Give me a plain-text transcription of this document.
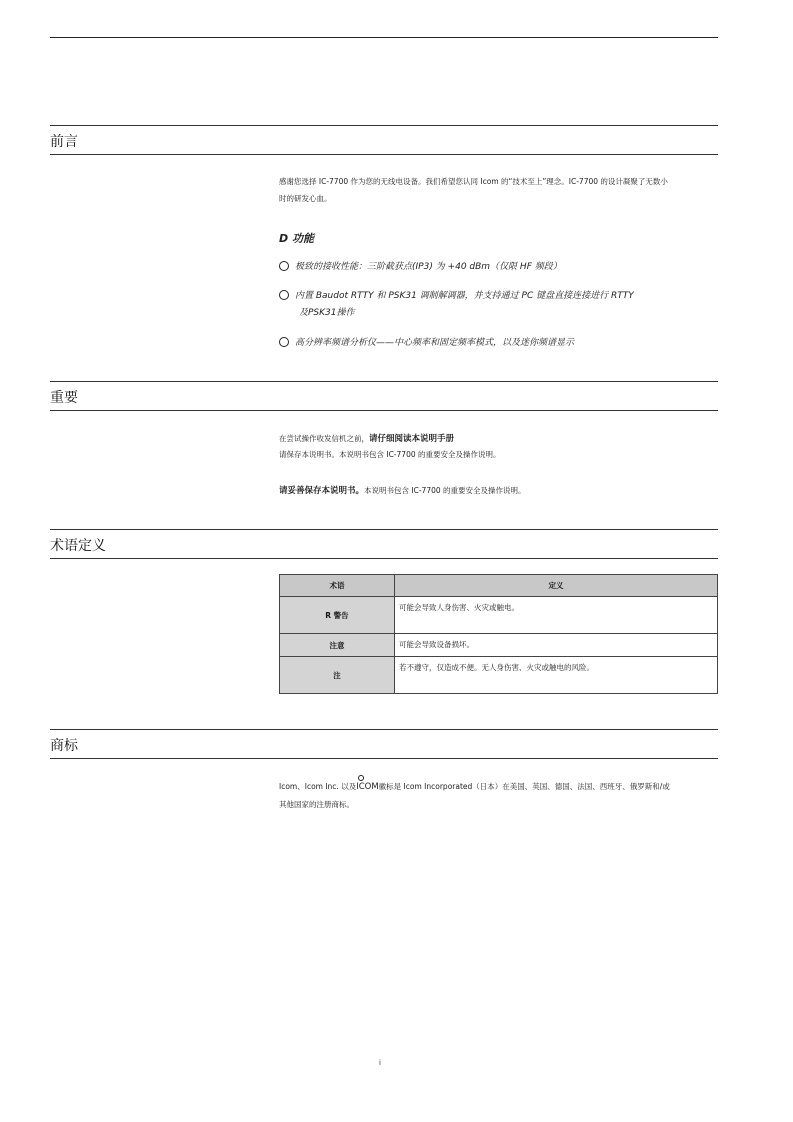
前言
感谢您选择 IC-7700 作为您的无线电设备。我们希望您认同 Icom 的“技术至上”理念。IC-7700 的设计凝聚了无数小
时的研发心血。
D 功能
极致的接收性能：三阶截获点(IP3) 为 +40 dBm（仅限 HF 频段）
内置 Baudot RTTY 和 PSK31 调制解调器，并支持通过 PC 键盘直接连接进行 RTTY
及PSK31操作
高分辨率频谱分析仪——中心频率和固定频率模式，以及迷你频谱显示
重要
在尝试操作收发信机之前，请仔细阅读本说明手册
请保存本说明书。本说明书包含 IC-7700 的重要安全及操作说明。
请妥善保存本说明书。本说明书包含 IC-7700 的重要安全及操作说明。
术语定义
术语	定义
R 警告	可能会导致人身伤害、火灾或触电。
注意	可能会导致设备损坏。
注	若不遵守，仅造成不便。无人身伤害、火灾或触电的风险。
商标
Icom、Icom Inc. 以及
ICOM徽标是 Icom Incorporated（日本）在美国、英国、德国、法国、西班牙、俄罗斯和/或
其他国家的注册商标。
i
